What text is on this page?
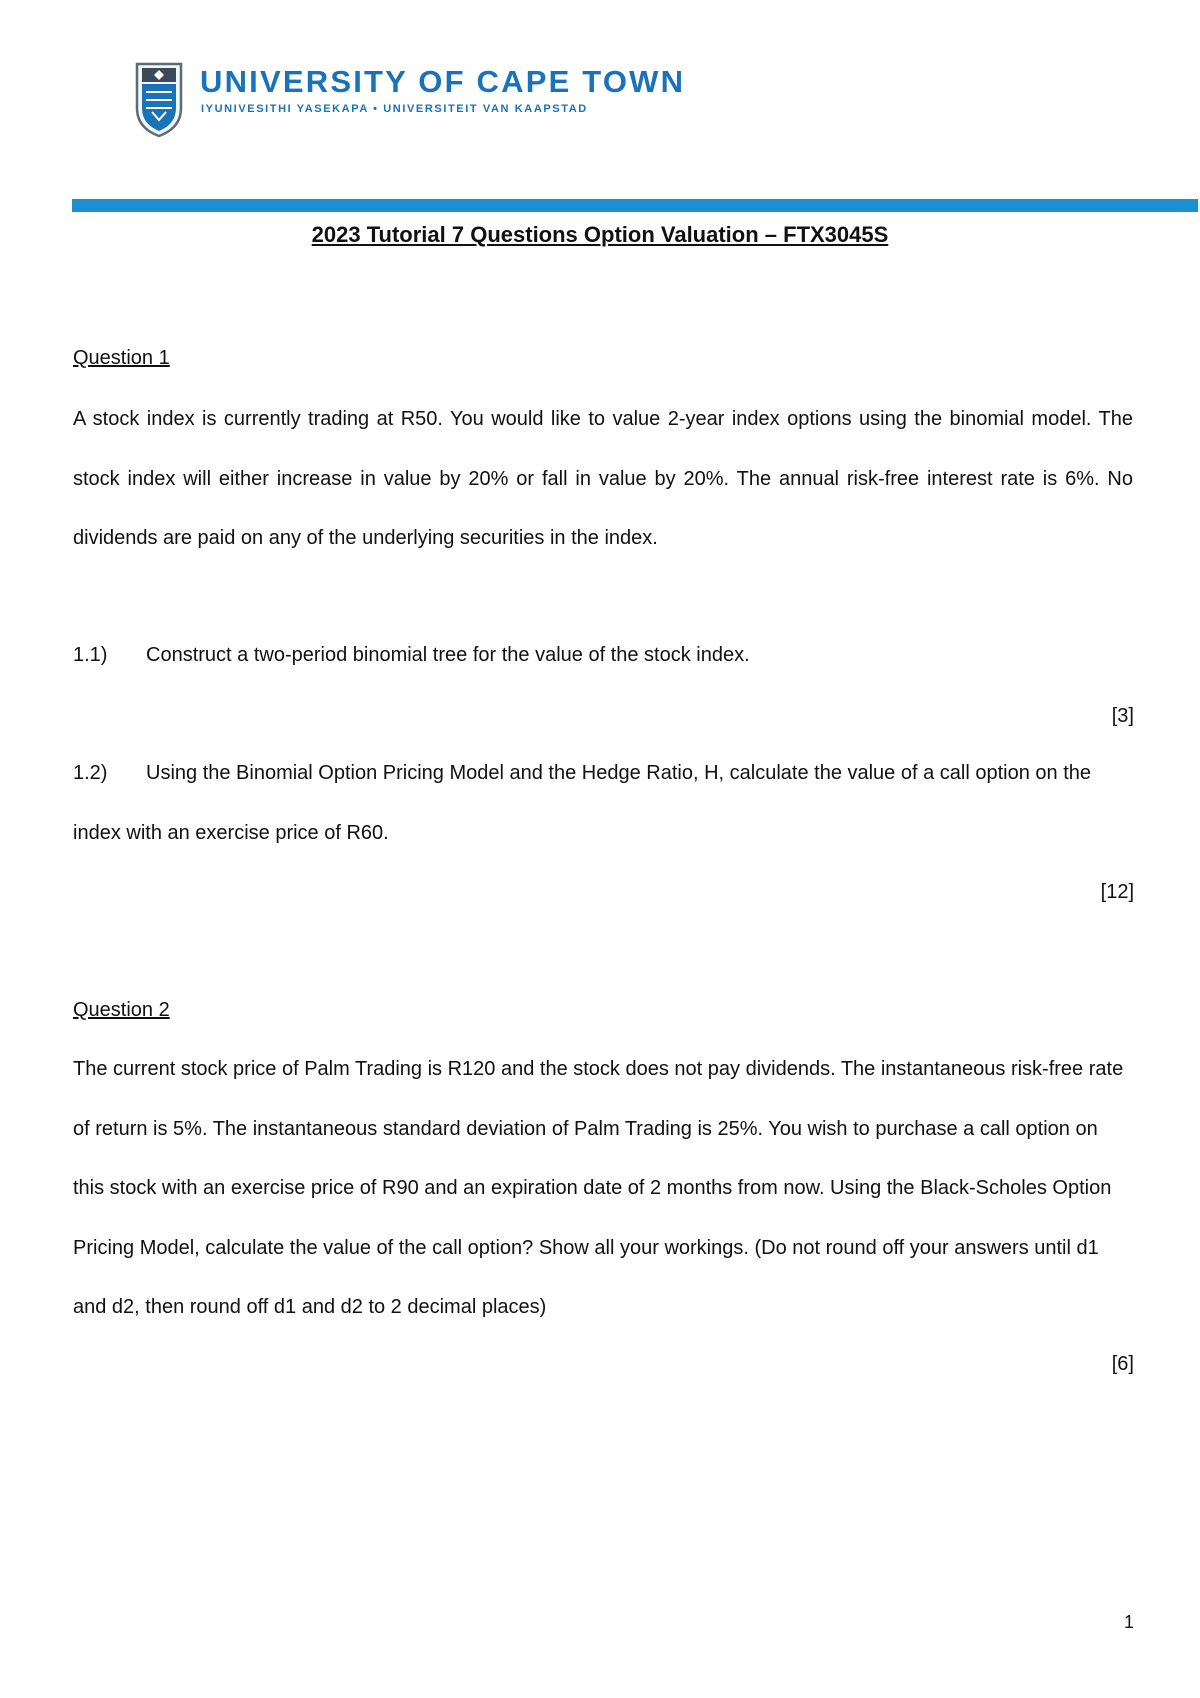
UNIVERSITY OF CAPE TOWN
IYUNIVESITHI YASEKAPA • UNIVERSITEIT VAN KAAPSTAD
2023 Tutorial 7 Questions Option Valuation – FTX3045S
Question 1

A stock index is currently trading at R50. You would like to value 2-year index options using the binomial model. The stock index will either increase in value by 20% or fall in value by 20%. The annual risk-free interest rate is 6%. No dividends are paid on any of the underlying securities in the index.

1.1) Construct a two-period binomial tree for the value of the stock index.
[3]
1.2)	Using the Binomial Option Pricing Model and the Hedge Ratio, H, calculate the value of a call option on the index with an exercise price of R60.
[12]
Question 2

The current stock price of Palm Trading is R120 and the stock does not pay dividends. The instantaneous risk-free rate of return is 5%. The instantaneous standard deviation of Palm Trading is 25%. You wish to purchase a call option on this stock with an exercise price of R90 and an expiration date of 2 months from now. Using the Black-Scholes Option Pricing Model, calculate the value of the call option? Show all your workings. (Do not round off your answers until d1 and d2, then round off d1 and d2 to 2 decimal places)

[6]
1
